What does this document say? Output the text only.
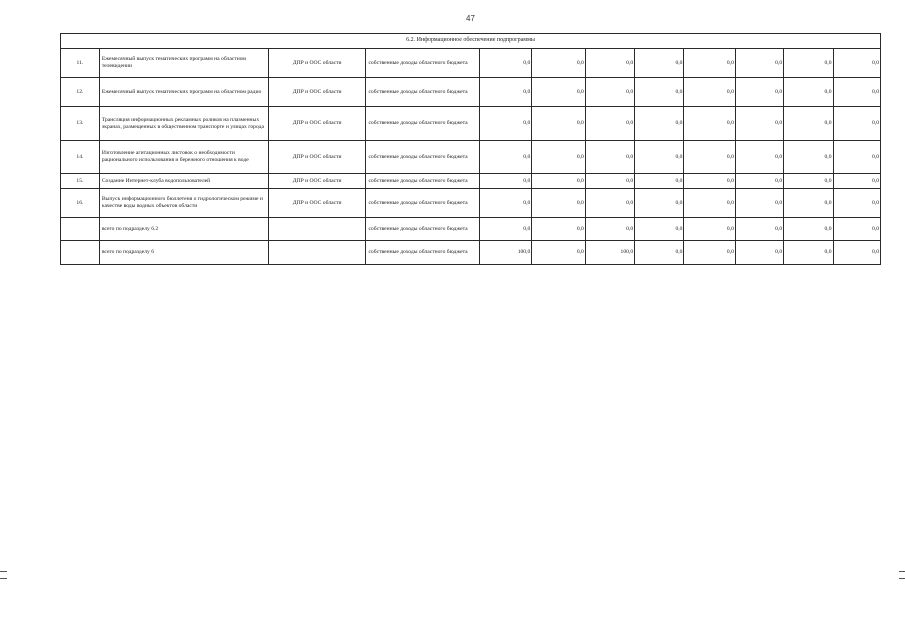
47
6.2. Информационное обеспечение подпрограммы											
11.	Ежемесячный выпуск тематических программ на областном телевидении	ДПР и ООС области	собственные доходы областного бюджета	0,0	0,0	0,0	0,0	0,0	0,0	0,0	0,0
12.	Ежемесячный выпуск тематических программ на областном радио	ДПР и ООС области	собственные доходы областного бюджета	0,0	0,0	0,0	0,0	0,0	0,0	0,0	0,0
13.	Трансляция информационных рекламных роликов на плазменных экранах, размещенных в общественном транспорте и улицах города	ДПР и ООС области	собственные доходы областного бюджета	0,0	0,0	0,0	0,0	0,0	0,0	0,0	0,0
14.	Изготовление агитационных листовок о необходимости рационального использования и бережного отношения к воде	ДПР и ООС области	собственные доходы областного бюджета	0,0	0,0	0,0	0,0	0,0	0,0	0,0	0,0
15.	Создание Интернет-клуба водопользователей	ДПР и ООС области	собственные доходы областного бюджета	0,0	0,0	0,0	0,0	0,0	0,0	0,0	0,0
16.	Выпуск информационного бюллетеня о гидрологическом режиме и качестве воды водных объектов области	ДПР и ООС области	собственные доходы областного бюджета	0,0	0,0	0,0	0,0	0,0	0,0	0,0	0,0
	всего по подразделу 6.2		собственные доходы областного бюджета	0,0	0,0	0,0	0,0	0,0	0,0	0,0	0,0
	всего по подразделу 6		собственные доходы областного бюджета	100,0	0,0	100,0	0,0	0,0	0,0	0,0	0,0
